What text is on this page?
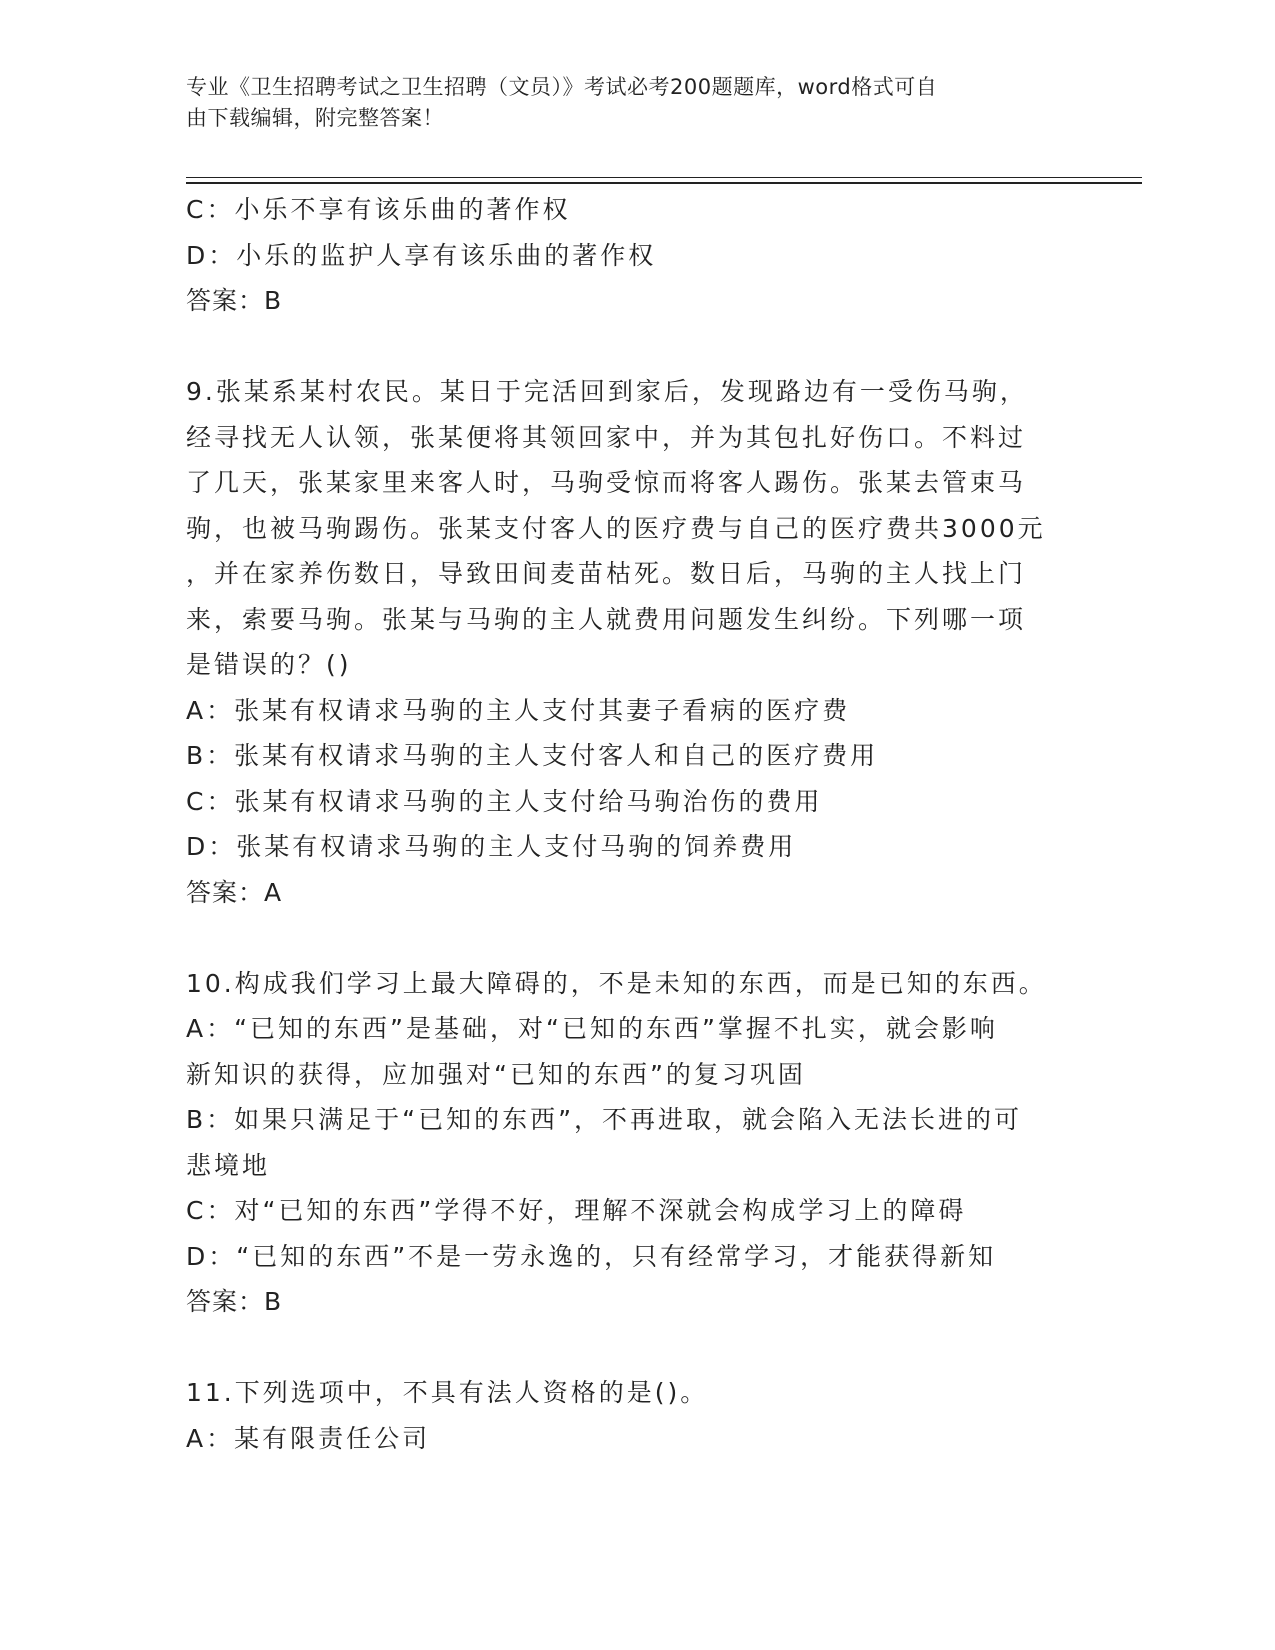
专业《卫生招聘考试之卫生招聘（文员）》考试必考200题题库，word格式可自
由下载编辑，附完整答案！
C：小乐不享有该乐曲的著作权
D：小乐的监护人享有该乐曲的著作权
答案：B
9.张某系某村农民。某日于完活回到家后，发现路边有一受伤马驹，
经寻找无人认领，张某便将其领回家中，并为其包扎好伤口。不料过
了几天，张某家里来客人时，马驹受惊而将客人踢伤。张某去管束马
驹，也被马驹踢伤。张某支付客人的医疗费与自己的医疗费共3000元
，并在家养伤数日，导致田间麦苗枯死。数日后，马驹的主人找上门
来，索要马驹。张某与马驹的主人就费用问题发生纠纷。下列哪一项
是错误的？()
A：张某有权请求马驹的主人支付其妻子看病的医疗费
B：张某有权请求马驹的主人支付客人和自己的医疗费用
C：张某有权请求马驹的主人支付给马驹治伤的费用
D：张某有权请求马驹的主人支付马驹的饲养费用
答案：A
10.构成我们学习上最大障碍的，不是未知的东西，而是已知的东西。
A：“已知的东西”是基础，对“已知的东西”掌握不扎实，就会影响
新知识的获得，应加强对“已知的东西”的复习巩固
B：如果只满足于“已知的东西”，不再进取，就会陷入无法长进的可
悲境地
C：对“已知的东西”学得不好，理解不深就会构成学习上的障碍
D：“已知的东西”不是一劳永逸的，只有经常学习，才能获得新知
答案：B
11.下列选项中，不具有法人资格的是()。
A：某有限责任公司
